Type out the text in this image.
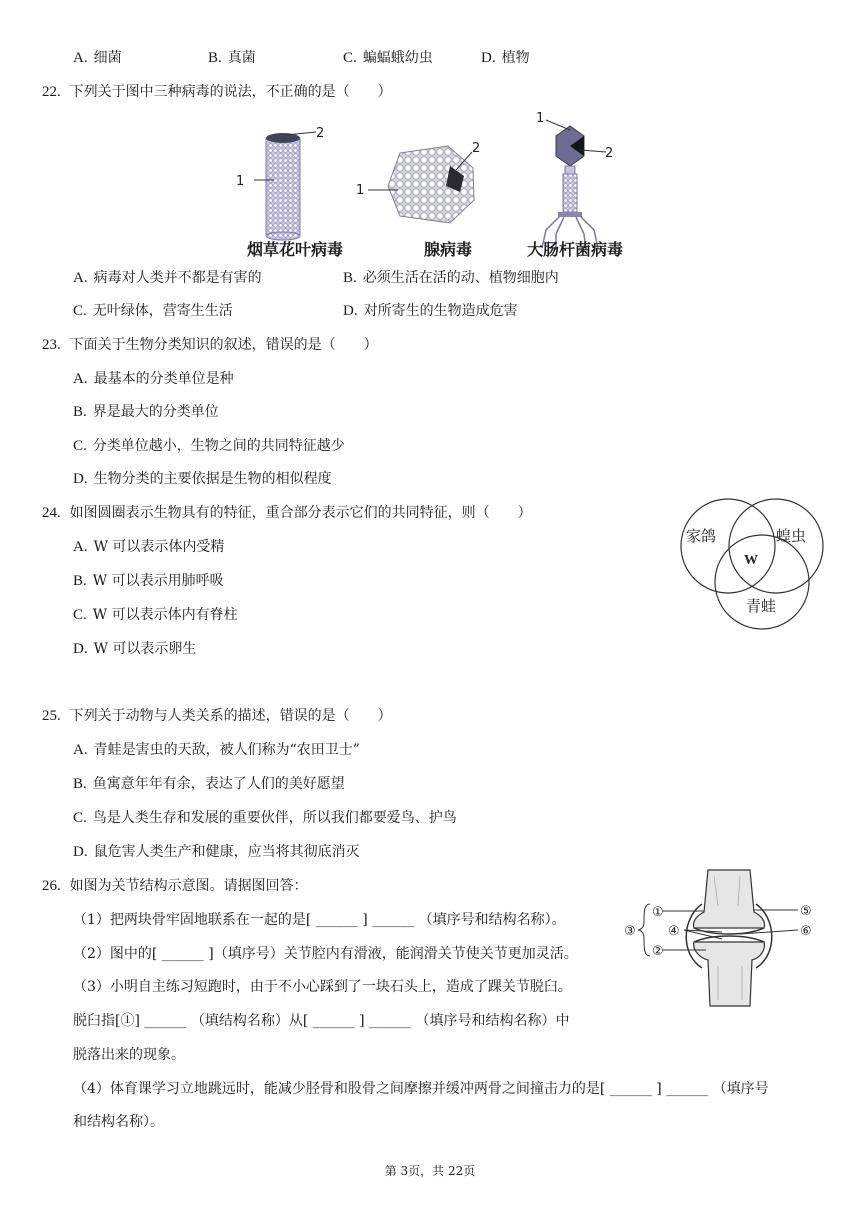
A. 细菌	B. 真菌	C. 蝙蝠蛾幼虫	D. 植物
22. 下列关于图中三种病毒的说法，不正确的是（　　）
2
1
2
1
1
2
烟草花叶病毒	腺病毒	大肠杆菌病毒
A. 病毒对人类并不都是有害的	B. 必须生活在活的动、植物细胞内
C. 无叶绿体，营寄生生活	D. 对所寄生的生物造成危害
23. 下面关于生物分类知识的叙述，错误的是（　　）
A. 最基本的分类单位是种
B. 界是最大的分类单位
C. 分类单位越小，生物之间的共同特征越少
D. 生物分类的主要依据是生物的相似程度
24. 如图圆圈表示生物具有的特征，重合部分表示它们的共同特征，则（　　）
A. W 可以表示体内受精
B. W 可以表示用肺呼吸
C. W 可以表示体内有脊柱
D. W 可以表示卵生
家鸽	蝗虫
青蛙
W
25. 下列关于动物与人类关系的描述，错误的是（　　）
A. 青蛙是害虫的天敌，被人们称为“农田卫士”
B. 鱼寓意年年有余，表达了人们的美好愿望
C. 鸟是人类生存和发展的重要伙伴，所以我们都要爱鸟、护鸟
D. 鼠危害人类生产和健康，应当将其彻底消灭
26. 如图为关节结构示意图。请据图回答：
（1）把两块骨牢固地联系在一起的是[ ______ ] ______ （填序号和结构名称）。
（2）图中的[ ______ ]（填序号）关节腔内有滑液，能润滑关节使关节更加灵活。
（3）小明自主练习短跑时，由于不小心踩到了一块石头上，造成了踝关节脱臼。
脱臼指[①] ______ （填结构名称）从[ ______ ] ______ （填序号和结构名称）中
脱落出来的现象。
（4）体育课学习立地跳远时，能减少胫骨和股骨之间摩擦并缓冲两骨之间撞击力的是[ ______ ] ______ （填序号
和结构名称）。
①
②
③ ④
⑤
⑥
第 3页，共 22页
